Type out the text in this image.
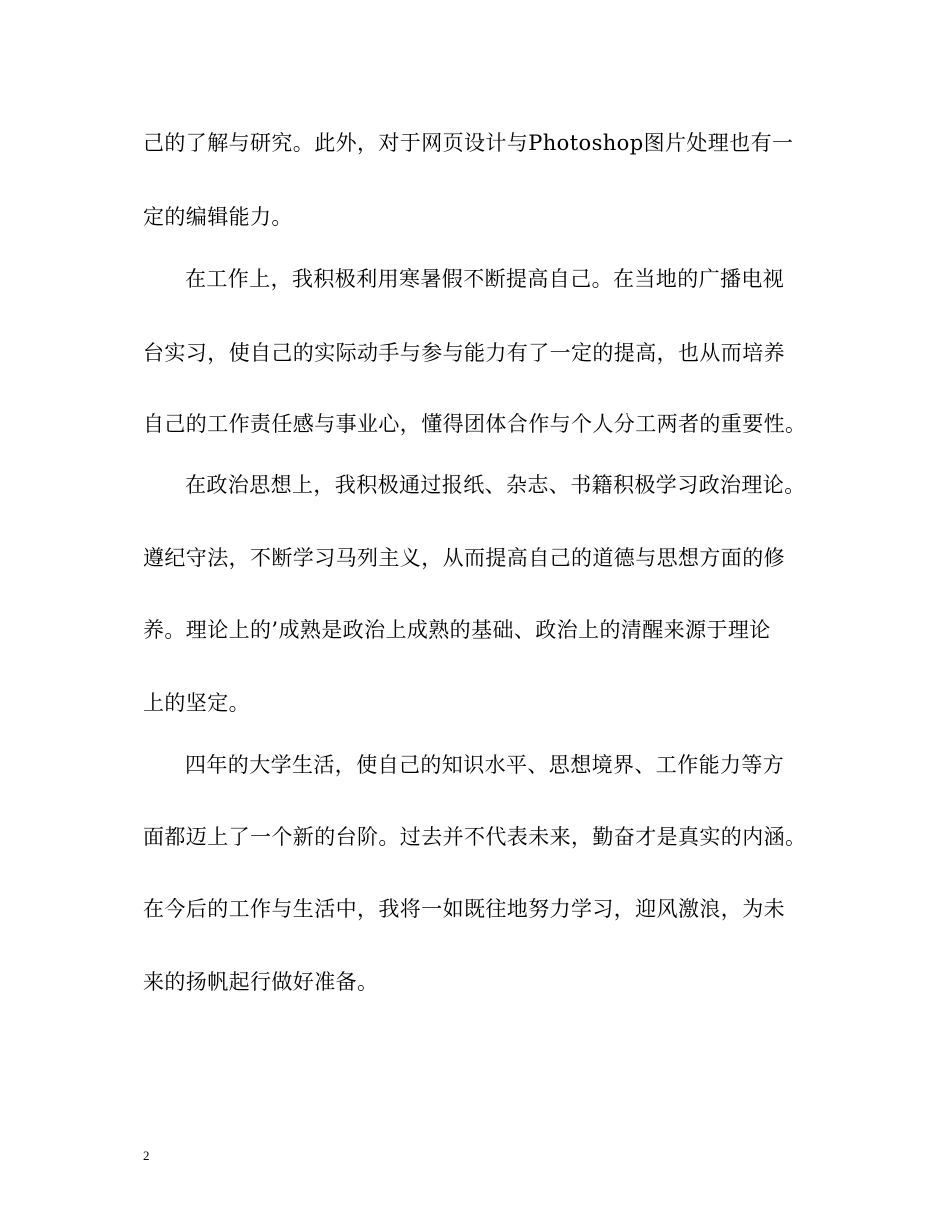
己的了解与研究。此外，对于网页设计与Photoshop图片处理也有一
定的编辑能力。
在工作上，我积极利用寒暑假不断提高自己。在当地的广播电视
台实习，使自己的实际动手与参与能力有了一定的提高，也从而培养
自己的工作责任感与事业心，懂得团体合作与个人分工两者的重要性。
在政治思想上，我积极通过报纸、杂志、书籍积极学习政治理论。
遵纪守法，不断学习马列主义，从而提高自己的道德与思想方面的修
养。理论上的’成熟是政治上成熟的基础、政治上的清醒来源于理论
上的坚定。
四年的大学生活，使自己的知识水平、思想境界、工作能力等方
面都迈上了一个新的台阶。过去并不代表未来，勤奋才是真实的内涵。
在今后的工作与生活中，我将一如既往地努力学习，迎风激浪，为未
来的扬帆起行做好准备。
2
